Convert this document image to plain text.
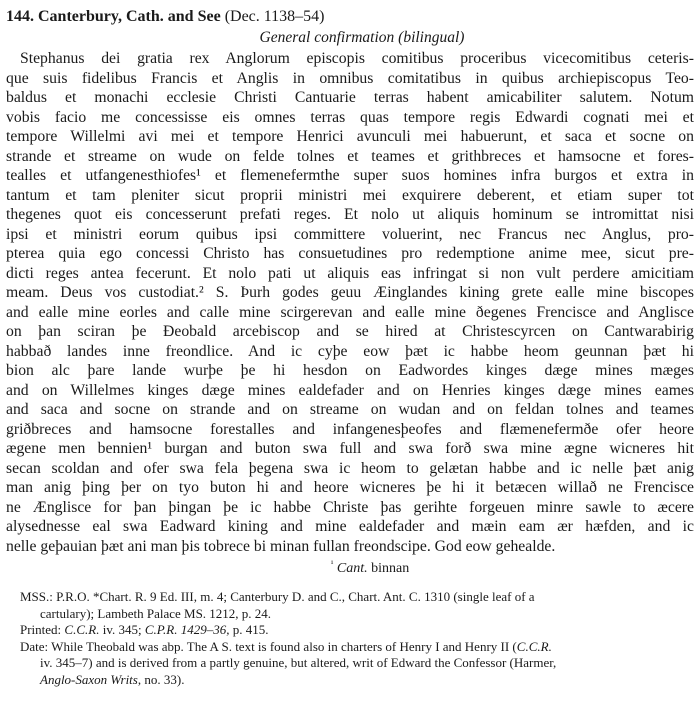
144. Canterbury, Cath. and See (Dec. 1138–54)
General confirmation (bilingual)
Stephanus dei gratia rex Anglorum episcopis comitibus proceribus vicecomitibus ceteris-
que suis fidelibus Francis et Anglis in omnibus comitatibus in quibus archiepiscopus Teo-
baldus et monachi ecclesie Christi Cantuarie terras habent amicabiliter salutem. Notum
vobis facio me concessisse eis omnes terras quas tempore regis Edwardi cognati mei et
tempore Willelmi avi mei et tempore Henrici avunculi mei habuerunt, et saca et socne on
strande et streame on wude on felde tolnes et teames et grithbreces et hamsocne et fores-
tealles et utfangenesthiofes¹ et flemenefermthe super suos homines infra burgos et extra in
tantum et tam pleniter sicut proprii ministri mei exquirere deberent, et etiam super tot
thegenes quot eis concesserunt prefati reges. Et nolo ut aliquis hominum se intromittat nisi
ipsi et ministri eorum quibus ipsi committere voluerint, nec Francus nec Anglus, pro-
pterea quia ego concessi Christo has consuetudines pro redemptione anime mee, sicut pre-
dicti reges antea fecerunt. Et nolo pati ut aliquis eas infringat si non vult perdere amicitiam
meam. Deus vos custodiat.² S. Þurh godes geuu Æinglandes kining grete ealle mine biscopes
and ealle mine eorles and calle mine scirgerevan and ealle mine ðegenes Frencisce and Anglisce
on þan sciran þe Ðeobald arcebiscop and se hired at Christescyrcen on Cantwarabirig
habbað landes inne freondlice. And ic cyþe eow þæt ic habbe heom geunnan þæt hi
bion alc þare lande wurþe þe hi hesdon on Eadwordes kinges dæge mines mæges
and on Willelmes kinges dæge mines ealdefader and on Henries kinges dæge mines eames
and saca and socne on strande and on streame on wudan and on feldan tolnes and teames
griðbreces and hamsocne forestalles and infangenesþeofes and flæmenefermðe ofer heore
ægene men bennien¹ burgan and buton swa full and swa forð swa mine ægne wicneres hit
secan scoldan and ofer swa fela þegena swa ic heom to gelætan habbe and ic nelle þæt anig
man anig þing þer on tyo buton hi and heore wicneres þe hi it betæcen willað ne Frencisce
ne Ænglisce for þan þingan þe ic habbe Christe þas gerihte forgeuen minre sawle to æcere
alysednesse eal swa Eadward kining and mine ealdefader and mæin eam ær hæfden, and ic
nelle geþauian þæt ani man þis tobrece bi minan fullan freondscipe. God eow gehealde.
$^{^1}$ Cant. binnan
MSS.: P.R.O. *Chart. R. 9 Ed. III, m. 4; Canterbury D. and C., Chart. Ant. C. 1310 (single leaf of a
cartulary); Lambeth Palace MS. 1212, p. 24.
Printed: C.C.R. iv. 345; C.P.R. 1429–36, p. 415.
Date: While Theobald was abp. The A S. text is found also in charters of Henry I and Henry II (C.C.R.
iv. 345–7) and is derived from a partly genuine, but altered, writ of Edward the Confessor (Harmer,
Anglo-Saxon Writs, no. 33).
